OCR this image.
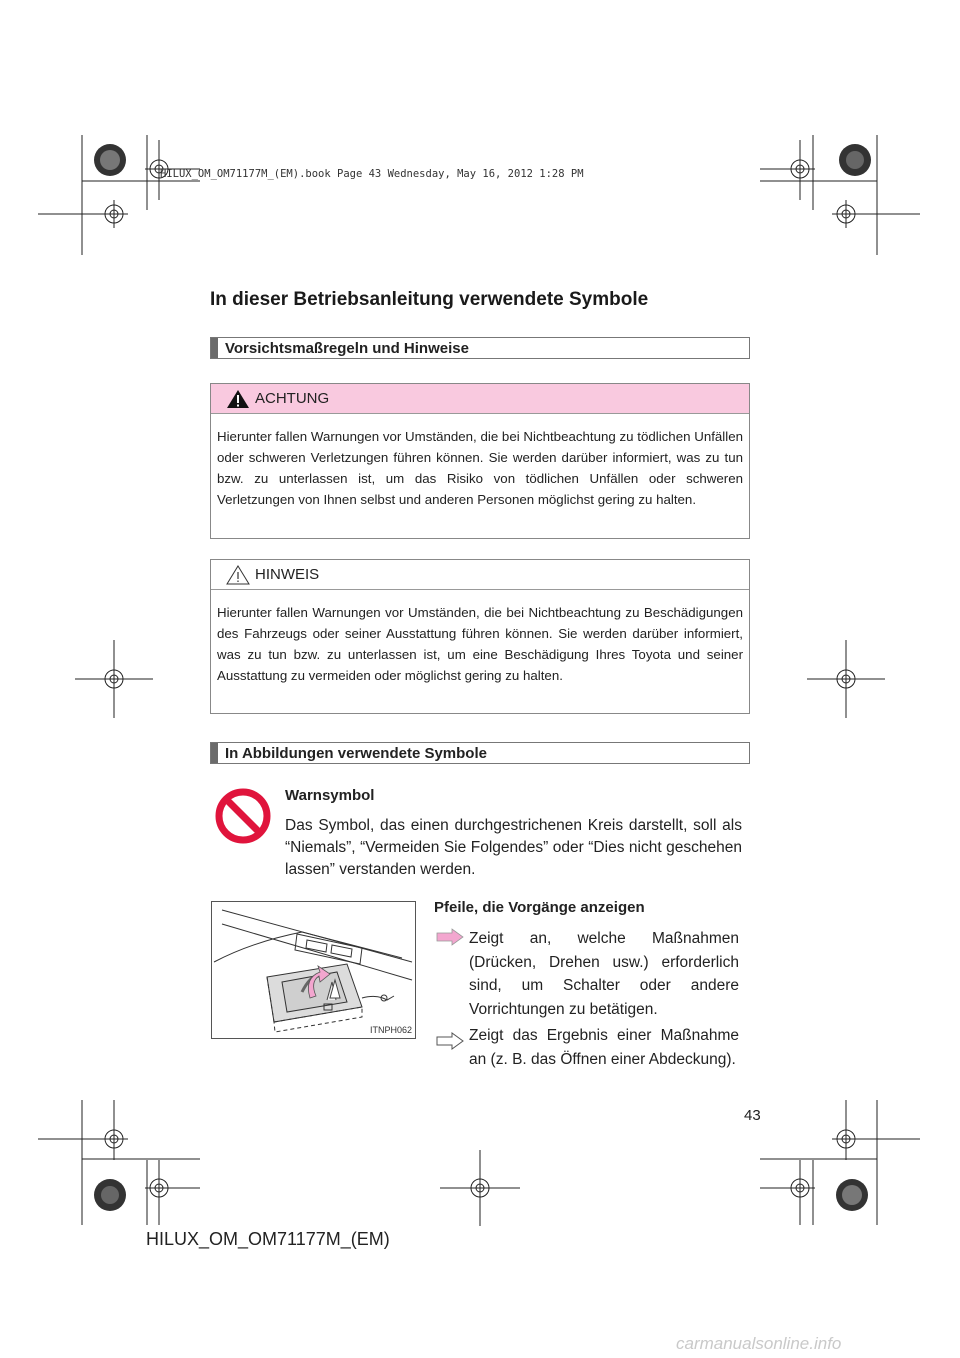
HILUX_OM_OM71177M_(EM).book Page 43 Wednesday, May 16, 2012 1:28 PM
In dieser Betriebsanleitung verwendete Symbole
Vorsichtsmaßregeln und Hinweise
ACHTUNG
Hierunter fallen Warnungen vor Umständen, die bei Nichtbeachtung zu tödlichen Unfällen oder schweren Verletzungen führen können. Sie werden darüber informiert, was zu tun bzw. zu unterlassen ist, um das Risiko von tödlichen Unfällen oder schweren Verletzungen von Ihnen selbst und anderen Personen möglichst gering zu halten.
HINWEIS
Hierunter fallen Warnungen vor Umständen, die bei Nichtbeachtung zu Beschädigungen des Fahrzeugs oder seiner Ausstattung führen können. Sie werden darüber informiert, was zu tun bzw. zu unterlassen ist, um eine Beschädigung Ihres Toyota und seiner Ausstattung zu vermeiden oder möglichst gering zu halten.
In Abbildungen verwendete Symbole
Warnsymbol
Das Symbol, das einen durchgestrichenen Kreis darstellt, soll als “Niemals”, “Vermeiden Sie Folgendes” oder “Dies nicht geschehen lassen” verstanden werden.
ITNPH062
Pfeile, die Vorgänge anzeigen
Zeigt an, welche Maßnahmen (Drücken, Drehen usw.) erforderlich sind, um Schalter oder andere Vorrichtungen zu betätigen.
Zeigt das Ergebnis einer Maßnahme an (z. B. das Öffnen einer Abdeckung).
43
HILUX_OM_OM71177M_(EM)
carmanualsonline.info
